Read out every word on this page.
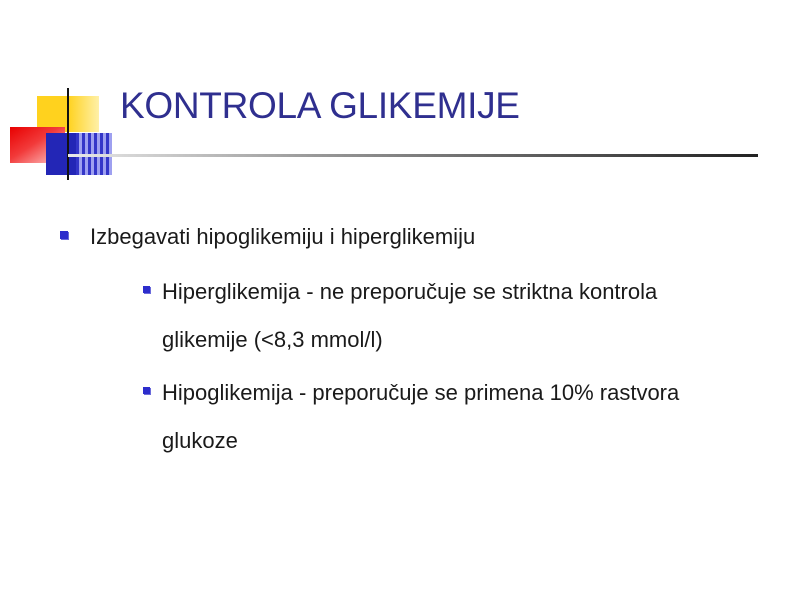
KONTROLA GLIKEMIJE
Izbegavati hipoglikemiju i hiperglikemiju
Hiperglikemija - ne preporučuje se striktna kontrola
glikemije (<8,3 mmol/l)
Hipoglikemija - preporučuje se primena 10% rastvora
glukoze
